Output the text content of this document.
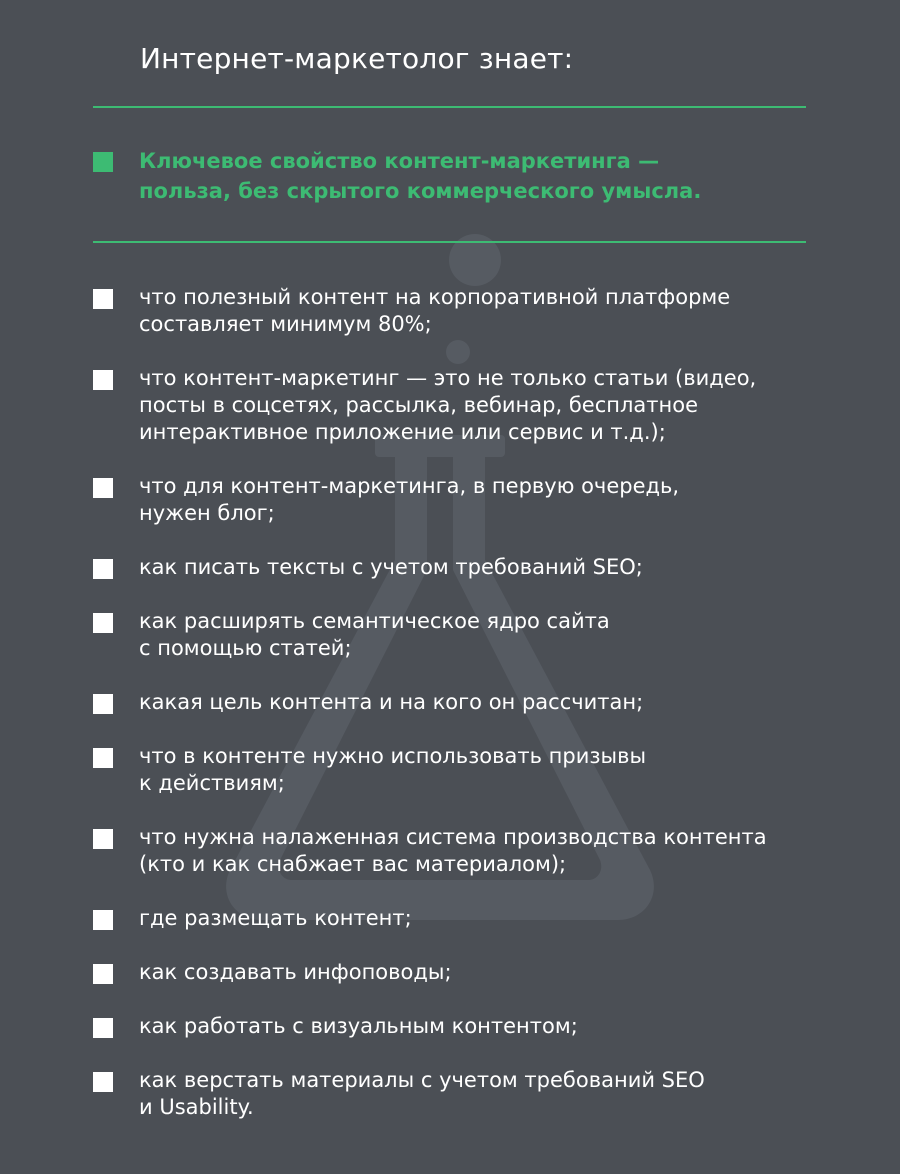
Интернет-маркетолог знает:
Ключевое свойство контент-маркетинга —
польза, без скрытого коммерческого умысла.
что полезный контент на корпоративной платформе
составляет минимум 80%;
что контент-маркетинг — это не только статьи (видео,
посты в соцсетях, рассылка, вебинар, бесплатное
интерактивное приложение или сервис и т.д.);
что для контент-маркетинга, в первую очередь,
нужен блог;
как писать тексты с учетом требований SEO;
как расширять семантическое ядро сайта
с помощью статей;
какая цель контента и на кого он рассчитан;
что в контенте нужно использовать призывы
к действиям;
что нужна налаженная система производства контента
(кто и как снабжает вас материалом);
где размещать контент;
как создавать инфоповоды;
как работать с визуальным контентом;
как верстать материалы с учетом требований SEO
и Usability.
